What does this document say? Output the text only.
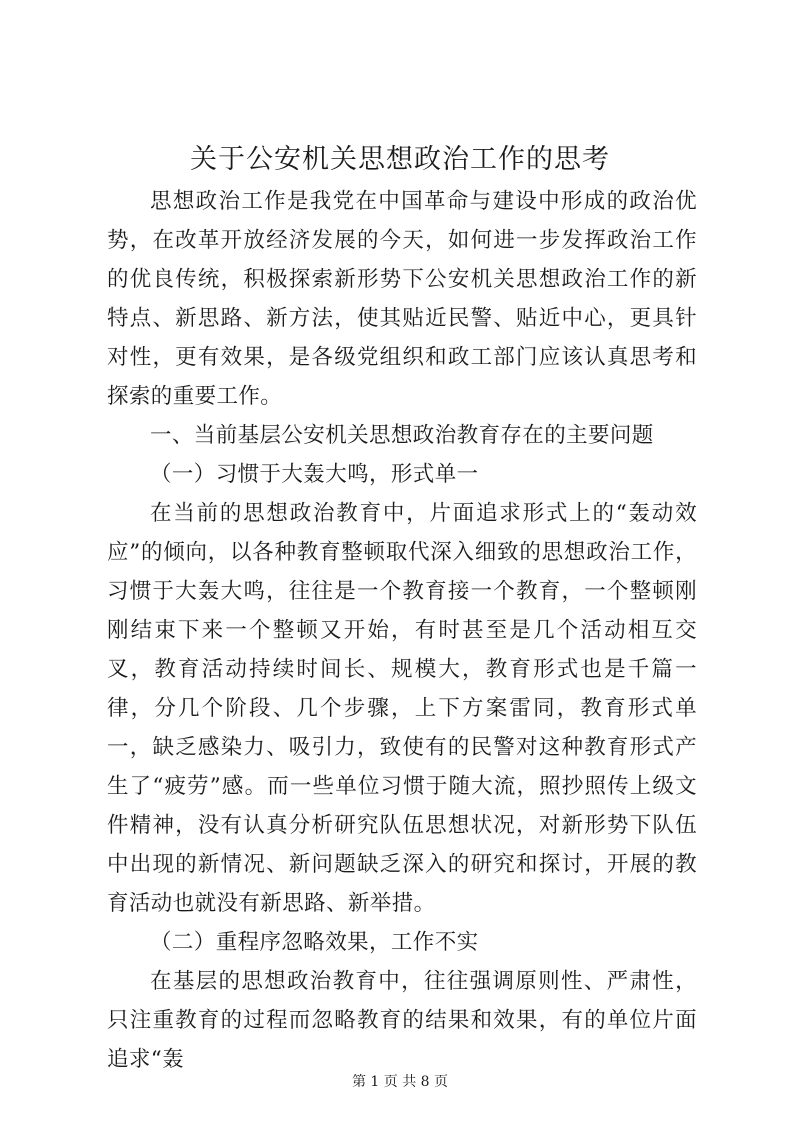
关于公安机关思想政治工作的思考

思想政治工作是我党在中国革命与建设中形成的政治优势，在改革开放经济发展的今天，如何进一步发挥政治工作的优良传统，积极探索新形势下公安机关思想政治工作的新特点、新思路、新方法，使其贴近民警、贴近中心，更具针对性，更有效果，是各级党组织和政工部门应该认真思考和探索的重要工作。

一、当前基层公安机关思想政治教育存在的主要问题

（一）习惯于大轰大鸣，形式单一

在当前的思想政治教育中，片面追求形式上的“轰动效应”的倾向，以各种教育整顿取代深入细致的思想政治工作，习惯于大轰大鸣，往往是一个教育接一个教育，一个整顿刚刚结束下来一个整顿又开始，有时甚至是几个活动相互交叉，教育活动持续时间长、规模大，教育形式也是千篇一律，分几个阶段、几个步骤，上下方案雷同，教育形式单一，缺乏感染力、吸引力，致使有的民警对这种教育形式产生了“疲劳”感。而一些单位习惯于随大流，照抄照传上级文件精神，没有认真分析研究队伍思想状况，对新形势下队伍中出现的新情况、新问题缺乏深入的研究和探讨，开展的教育活动也就没有新思路、新举措。

（二）重程序忽略效果，工作不实

在基层的思想政治教育中，往往强调原则性、严肃性，只注重教育的过程而忽略教育的结果和效果，有的单位片面追求“轰

第 1 页 共 8 页
